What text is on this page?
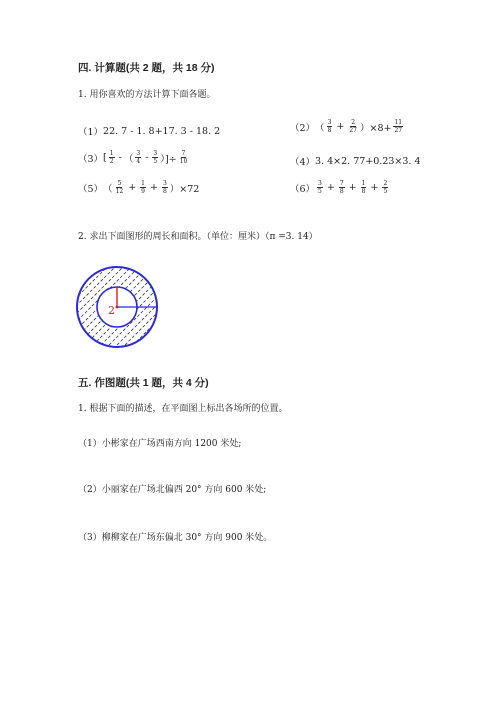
四. 计算题(共 2 题，共 18 分)
1. 用你喜欢的方法计算下面各题。
（1） 22. 7 - 1. 8+17. 3 - 18. 2	（2） （ $\frac{3}{8} + \frac{2}{27} )\times 8+ \frac{11}{27}$
（3） [ $\frac{1}{2}$ - （ $\frac{3}{4} - \frac{3}{5}$ ）]÷ $\frac{7}{10}$	（4） 3. 4×2. 77+0.23×3. 4
（5） （ $\frac{5}{12} + \frac{1}{9} + \frac{3}{8} )\times 72$	$(6) \frac{3}{5} + \frac{7}{8} + \frac{1}{8} + \frac{2}{5}$
2. 求出下面图形的周长和面积。（单位：厘米）（π =3. 14）
2
五. 作图题(共 1 题，共 4 分)
1. 根据下面的描述，在平面图上标出各场所的位置。
（1）小彬家在广场西南方向 1200 米处;
（2）小丽家在广场北偏西 20° 方向 600 米处;
（3）柳柳家在广场东偏北 30° 方向 900 米处。
